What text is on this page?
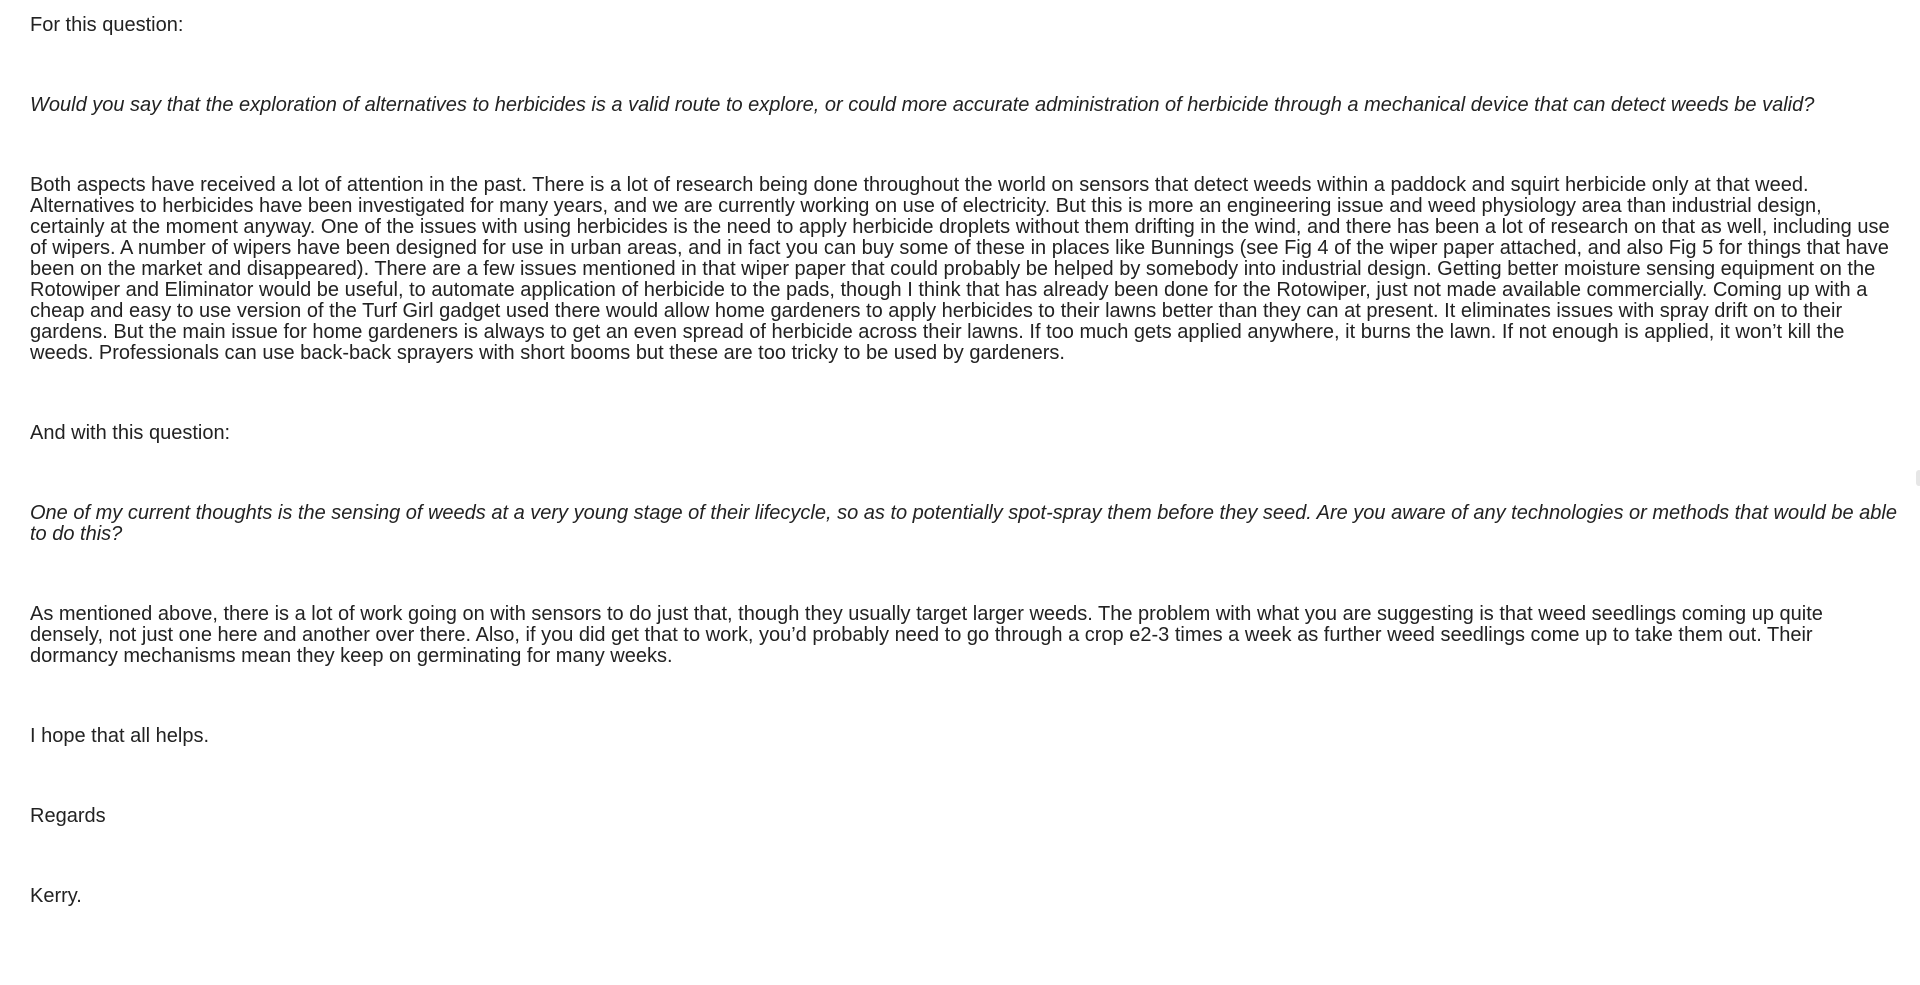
For this question:

Would you say that the exploration of alternatives to herbicides is a valid route to explore, or could more accurate administration of herbicide through a mechanical device that can detect weeds be valid?

Both aspects have received a lot of attention in the past. There is a lot of research being done throughout the world on sensors that detect weeds within a paddock and squirt herbicide only at that weed. Alternatives to herbicides have been investigated for many years, and we are currently working on use of electricity. But this is more an engineering issue and weed physiology area than industrial design, certainly at the moment anyway. One of the issues with using herbicides is the need to apply herbicide droplets without them drifting in the wind, and there has been a lot of research on that as well, including use of wipers. A number of wipers have been designed for use in urban areas, and in fact you can buy some of these in places like Bunnings (see Fig 4 of the wiper paper attached, and also Fig 5 for things that have been on the market and disappeared). There are a few issues mentioned in that wiper paper that could probably be helped by somebody into industrial design. Getting better moisture sensing equipment on the Rotowiper and Eliminator would be useful, to automate application of herbicide to the pads, though I think that has already been done for the Rotowiper, just not made available commercially. Coming up with a cheap and easy to use version of the Turf Girl gadget used there would allow home gardeners to apply herbicides to their lawns better than they can at present. It eliminates issues with spray drift on to their gardens. But the main issue for home gardeners is always to get an even spread of herbicide across their lawns. If too much gets applied anywhere, it burns the lawn. If not enough is applied, it won’t kill the weeds. Professionals can use back-back sprayers with short booms but these are too tricky to be used by gardeners.

And with this question:

One of my current thoughts is the sensing of weeds at a very young stage of their lifecycle, so as to potentially spot-spray them before they seed. Are you aware of any technologies or methods that would be able to do this?

As mentioned above, there is a lot of work going on with sensors to do just that, though they usually target larger weeds. The problem with what you are suggesting is that weed seedlings coming up quite densely, not just one here and another over there. Also, if you did get that to work, you’d probably need to go through a crop e2-3 times a week as further weed seedlings come up to take them out. Their dormancy mechanisms mean they keep on germinating for many weeks.

I hope that all helps.

Regards

Kerry.
